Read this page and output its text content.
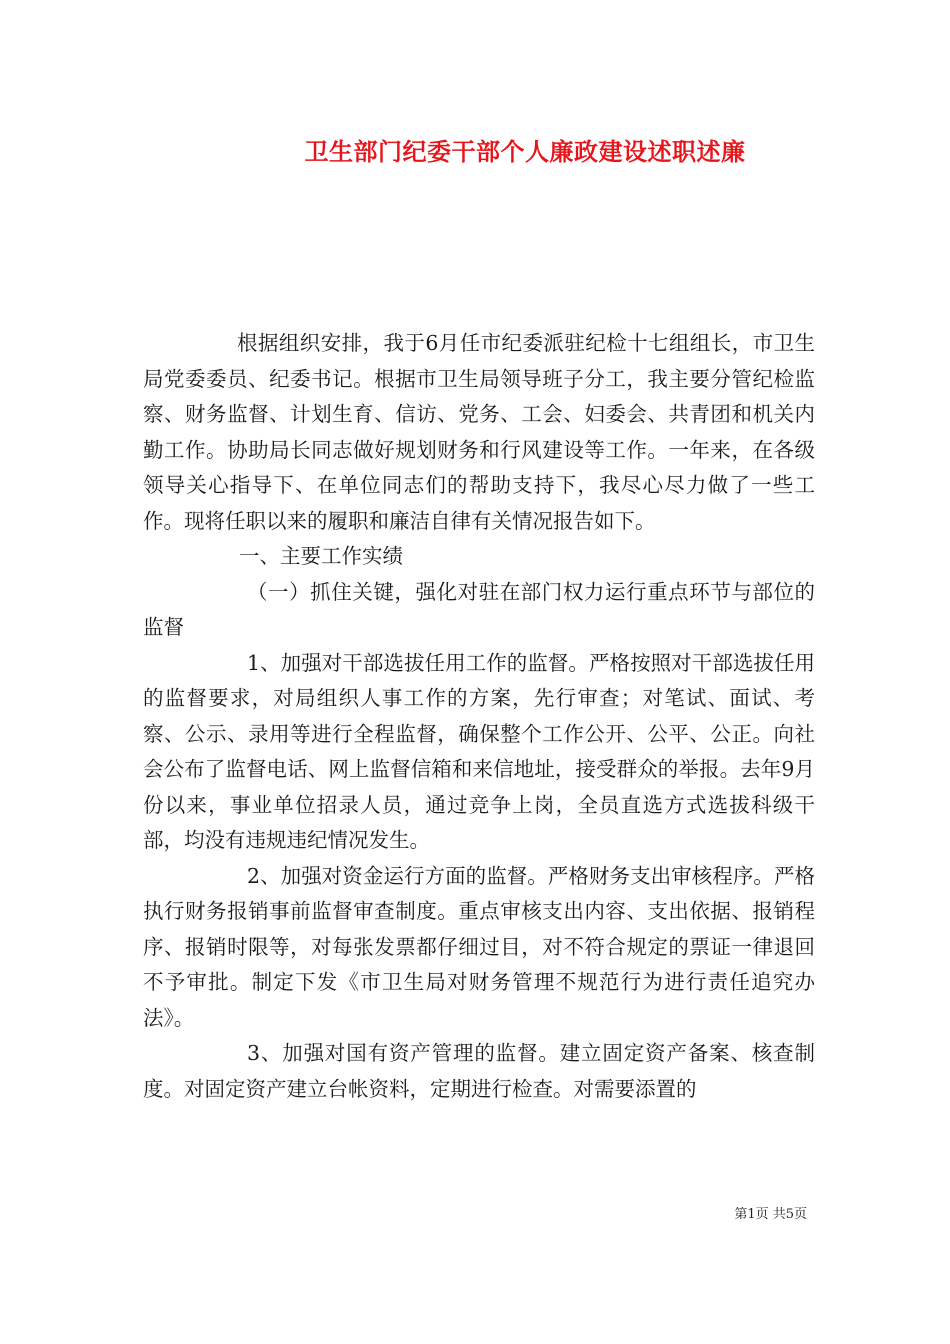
卫生部门纪委干部个人廉政建设述职述廉

根据组织安排，我于6月任市纪委派驻纪检十七组组长，市卫生局党委委员、纪委书记。根据市卫生局领导班子分工，我主要分管纪检监察、财务监督、计划生育、信访、党务、工会、妇委会、共青团和机关内勤工作。协助局长同志做好规划财务和行风建设等工作。一年来，在各级领导关心指导下、在单位同志们的帮助支持下，我尽心尽力做了一些工作。现将任职以来的履职和廉洁自律有关情况报告如下。

一、主要工作实绩

（一）抓住关键，强化对驻在部门权力运行重点环节与部位的监督

1、加强对干部选拔任用工作的监督。严格按照对干部选拔任用的监督要求，对局组织人事工作的方案，先行审查；对笔试、面试、考察、公示、录用等进行全程监督，确保整个工作公开、公平、公正。向社会公布了监督电话、网上监督信箱和来信地址，接受群众的举报。去年9月份以来，事业单位招录人员，通过竞争上岗，全员直选方式选拔科级干部，均没有违规违纪情况发生。

2、加强对资金运行方面的监督。严格财务支出审核程序。严格执行财务报销事前监督审查制度。重点审核支出内容、支出依据、报销程序、报销时限等，对每张发票都仔细过目，对不符合规定的票证一律退回不予审批。制定下发《市卫生局对财务管理不规范行为进行责任追究办法》。

3、加强对国有资产管理的监督。建立固定资产备案、核查制度。对固定资产建立台帐资料，定期进行检查。对需要添置的

第1页 共5页
